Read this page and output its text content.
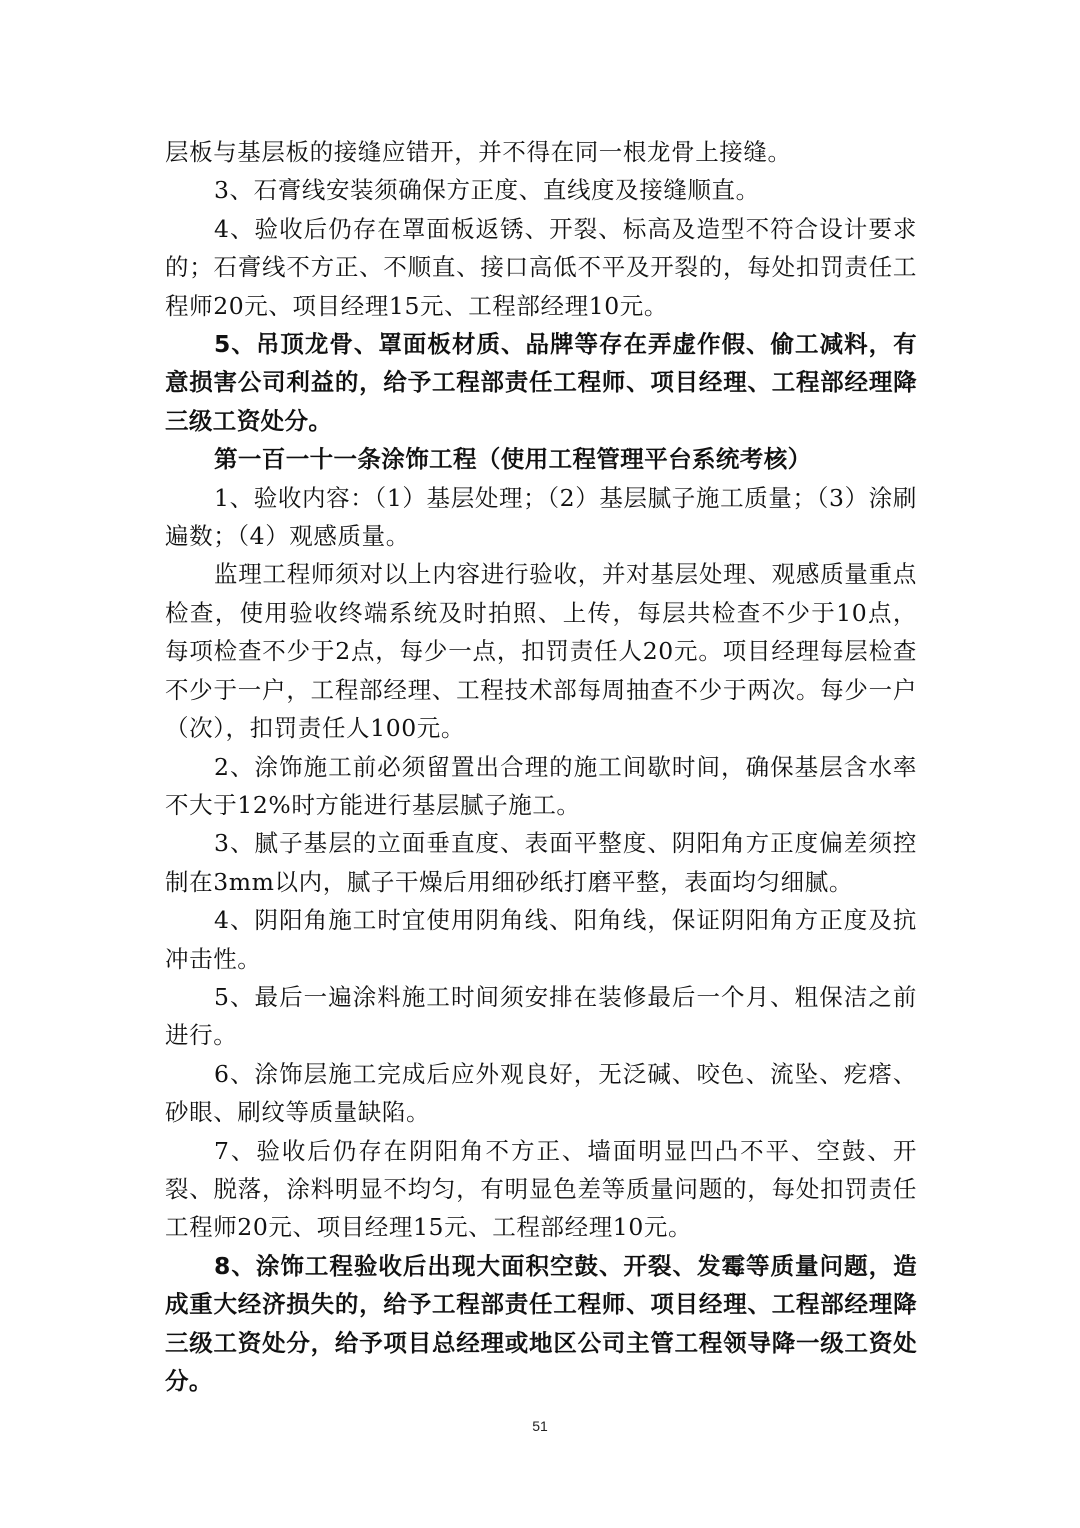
层板与基层板的接缝应错开，并不得在同一根龙骨上接缝。

3、石膏线安装须确保方正度、直线度及接缝顺直。

4、验收后仍存在罩面板返锈、开裂、标高及造型不符合设计要求的；石膏线不方正、不顺直、接口高低不平及开裂的，每处扣罚责任工程师20元、项目经理15元、工程部经理10元。

5、吊顶龙骨、罩面板材质、品牌等存在弄虚作假、偷工减料，有意损害公司利益的，给予工程部责任工程师、项目经理、工程部经理降三级工资处分。

第一百一十一条涂饰工程（使用工程管理平台系统考核）

1、验收内容：（1）基层处理；（2）基层腻子施工质量；（3）涂刷遍数；（4）观感质量。

监理工程师须对以上内容进行验收，并对基层处理、观感质量重点检查，使用验收终端系统及时拍照、上传，每层共检查不少于10点，每项检查不少于2点，每少一点，扣罚责任人20元。项目经理每层检查不少于一户，工程部经理、工程技术部每周抽查不少于两次。每少一户（次），扣罚责任人100元。

2、涂饰施工前必须留置出合理的施工间歇时间，确保基层含水率不大于12%时方能进行基层腻子施工。

3、腻子基层的立面垂直度、表面平整度、阴阳角方正度偏差须控制在3mm以内，腻子干燥后用细砂纸打磨平整，表面均匀细腻。

4、阴阳角施工时宜使用阴角线、阳角线，保证阴阳角方正度及抗冲击性。

5、最后一遍涂料施工时间须安排在装修最后一个月、粗保洁之前进行。

6、涂饰层施工完成后应外观良好，无泛碱、咬色、流坠、疙瘩、砂眼、刷纹等质量缺陷。

7、验收后仍存在阴阳角不方正、墙面明显凹凸不平、空鼓、开裂、脱落，涂料明显不均匀，有明显色差等质量问题的，每处扣罚责任工程师20元、项目经理15元、工程部经理10元。

8、涂饰工程验收后出现大面积空鼓、开裂、发霉等质量问题，造成重大经济损失的，给予工程部责任工程师、项目经理、工程部经理降三级工资处分，给予项目总经理或地区公司主管工程领导降一级工资处分。

51
